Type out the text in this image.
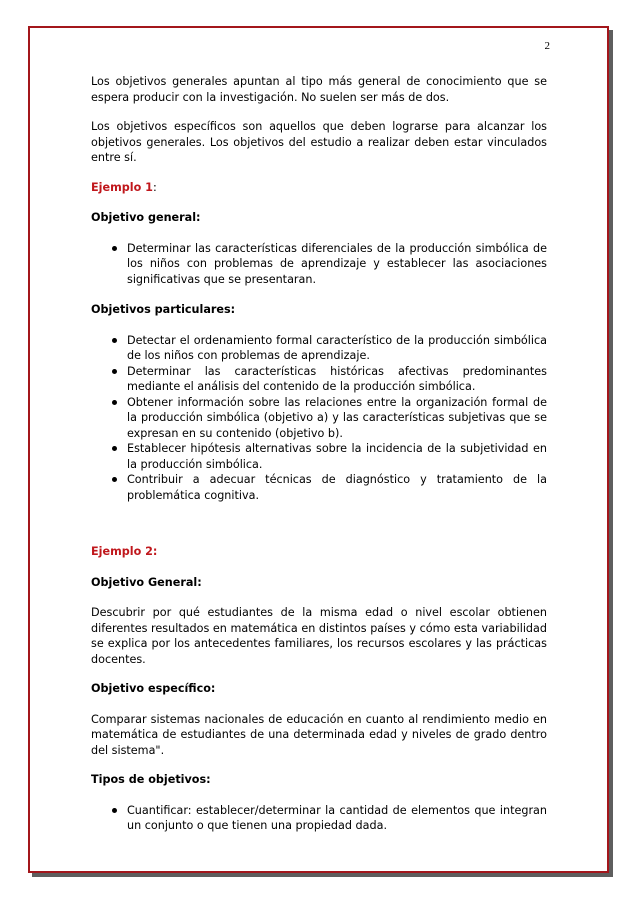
2

Los objetivos generales apuntan al tipo más general de conocimiento que se espera producir con la investigación. No suelen ser más de dos.

Los objetivos específicos son aquellos que deben lograrse para alcanzar los objetivos generales. Los objetivos del estudio a realizar deben estar vinculados entre sí.

Ejemplo 1:

Objetivo general:

Determinar las características diferenciales de la producción simbólica de los niños con problemas de aprendizaje y establecer las asociaciones significativas que se presentaran.

Objetivos particulares:

Detectar el ordenamiento formal característico de la producción simbólica de los niños con problemas de aprendizaje.
Determinar las características históricas afectivas predominantes mediante el análisis del contenido de la producción simbólica.
Obtener información sobre las relaciones entre la organización formal de la producción simbólica (objetivo a) y las características subjetivas que se expresan en su contenido (objetivo b).
Establecer hipótesis alternativas sobre la incidencia de la subjetividad en la producción simbólica.
Contribuir a adecuar técnicas de diagnóstico y tratamiento de la problemática cognitiva.

Ejemplo 2:

Objetivo General:

Descubrir por qué estudiantes de la misma edad o nivel escolar obtienen diferentes resultados en matemática en distintos países y cómo esta variabilidad se explica por los antecedentes familiares, los recursos escolares y las prácticas docentes.

Objetivo específico:

Comparar sistemas nacionales de educación en cuanto al rendimiento medio en matemática de estudiantes de una determinada edad y niveles de grado dentro del sistema".

Tipos de objetivos:

Cuantificar: establecer/determinar la cantidad de elementos que integran un conjunto o que tienen una propiedad dada.
